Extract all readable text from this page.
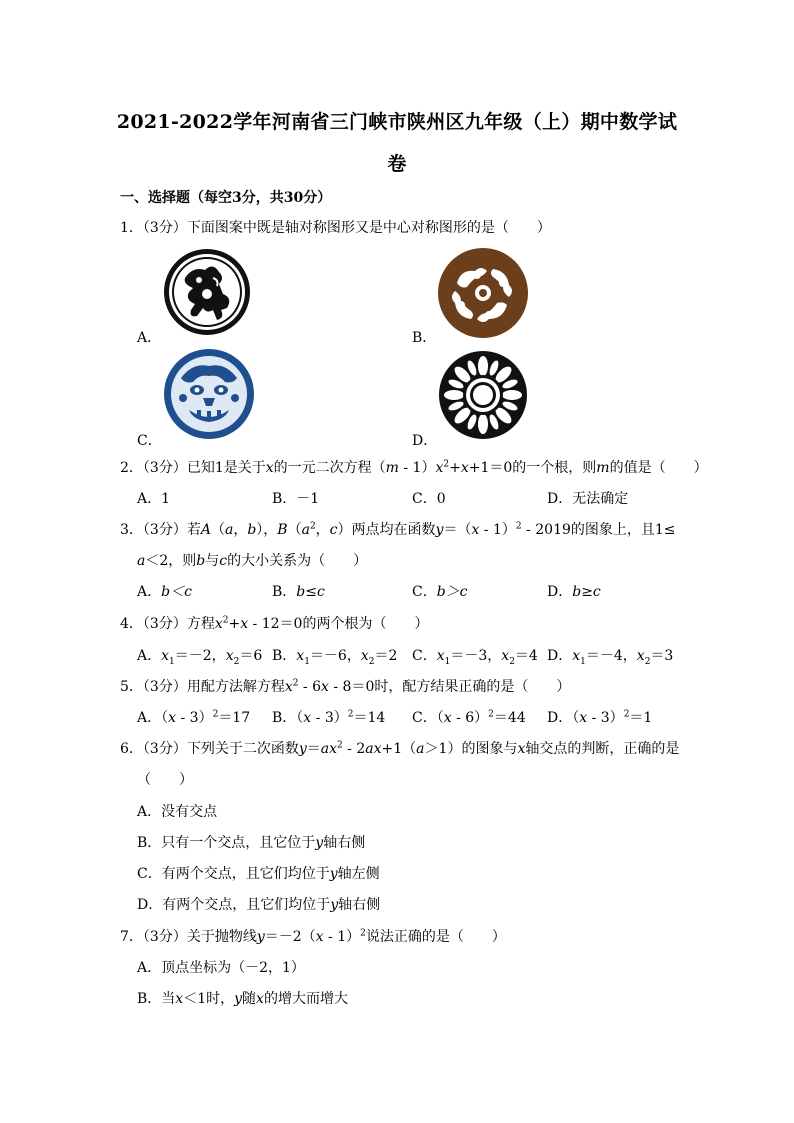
2021-2022学年河南省三门峡市陕州区九年级（上）期中数学试
卷
一、选择题（每空3分，共30分）
1．（3分）下面图案中既是轴对称图形又是中心对称图形的是（　　）
A．	B．
C．	D．
2．（3分）已知1是关于x的一元二次方程$(m - 1)x^2+x+1=0$的一个根，则m的值是（　　）
A．1	B．－1	C．0	D．无法确定
3．（3分）若A（a，b），$B(a^2$，c）两点均在函数y＝（x - 1）$^2$ - 2019的图象上，且1≤
a＜2，则b与c的大小关系为（　　）
A．b＜c	B．b≤c	C．b＞c	D．b≥c
4．（3分）方程$x^2+x - 12=0$的两个根为（　　）
A．$x_1=-2$，$x_2=6$ B．$x_1=-6$，$x_2=2$ C．$x_1=-3$，$x_2=4$ D．$x_1=-4$，$x_2=3$
5．（3分）用配方法解方程$x^2 - 6x - 8=0$时，配方结果正确的是（　　）
A．（x - 3）$^2$＝17 B．（x - 3）$^2$＝14 C．（x - 6）$^2$＝44 D．（x - 3）$^2$＝1
6．（3分）下列关于二次函数$y=ax^2 - 2ax+1(a>1)$的图象与x轴交点的判断，正确的是
（　　）
A．没有交点
B．只有一个交点，且它位于y轴右侧
C．有两个交点，且它们均位于y轴左侧
D．有两个交点，且它们均位于y轴右侧
7．（3分）关于抛物线y＝－2（x - 1）$^2$说法正确的是（　　）
A．顶点坐标为（－2，1）
B．当x＜1时，y随x的增大而增大
